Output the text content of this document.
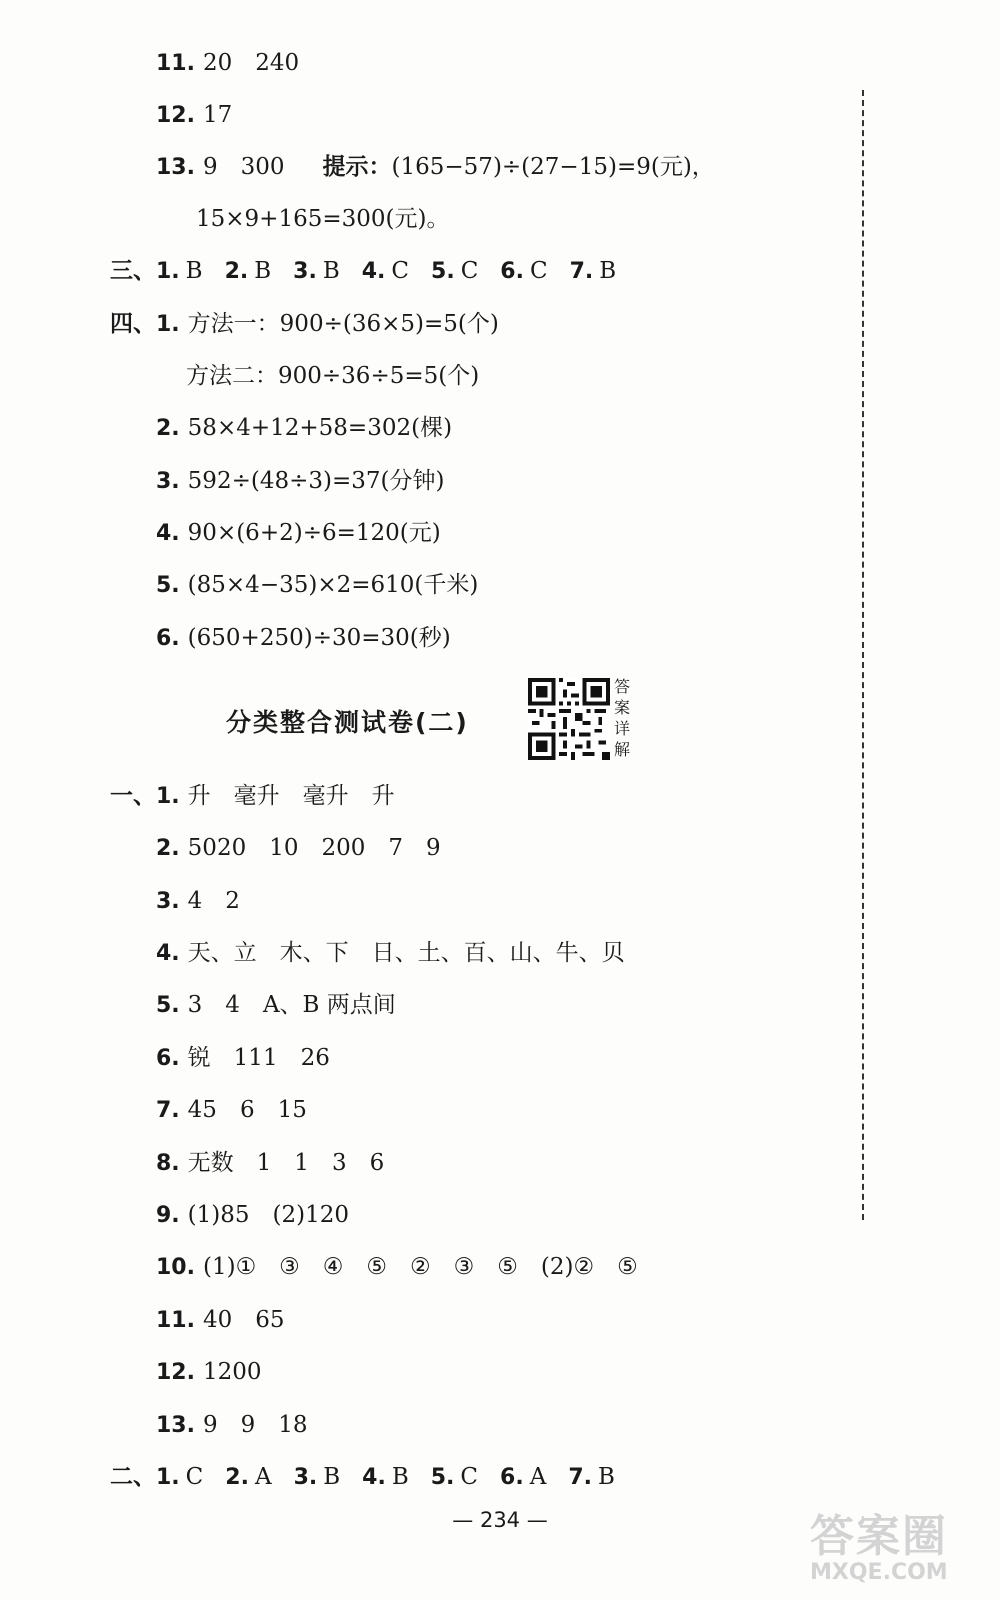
11. 20　240
12. 17
13. 9　300 提示：(165−57)÷(27−15)=9(元)，
15×9+165=300(元)。
三、1. B 2. B 3. B 4. C 5. C 6. C 7. B
四、1. 方法一：900÷(36×5)=5(个)
方法二：900÷36÷5=5(个)
2. 58×4+12+58=302(棵)
3. 592÷(48÷3)=37(分钟)
4. 90×(6+2)÷6=120(元)
5. (85×4−35)×2=610(千米)
6. (650+250)÷30=30(秒)
分类整合测试卷(二)
答案详解
一、1. 升　毫升　毫升　升
2. 5020　10　200　7　9
3. 4　2
4. 天、立　木、下　日、土、百、山、牛、贝
5. 3　4　A、B 两点间
6. 锐　111　26
7. 45　6　15
8. 无数　1　1　3　6
9. (1)85　(2)120
10. (1)①　③　④　⑤　②　③　⑤　(2)②　⑤
11. 40　65
12. 1200
13. 9　9　18
二、1. C 2. A 3. B 4. B 5. C 6. A 7. B
— 234 —	答案圈
MXQE.COM
